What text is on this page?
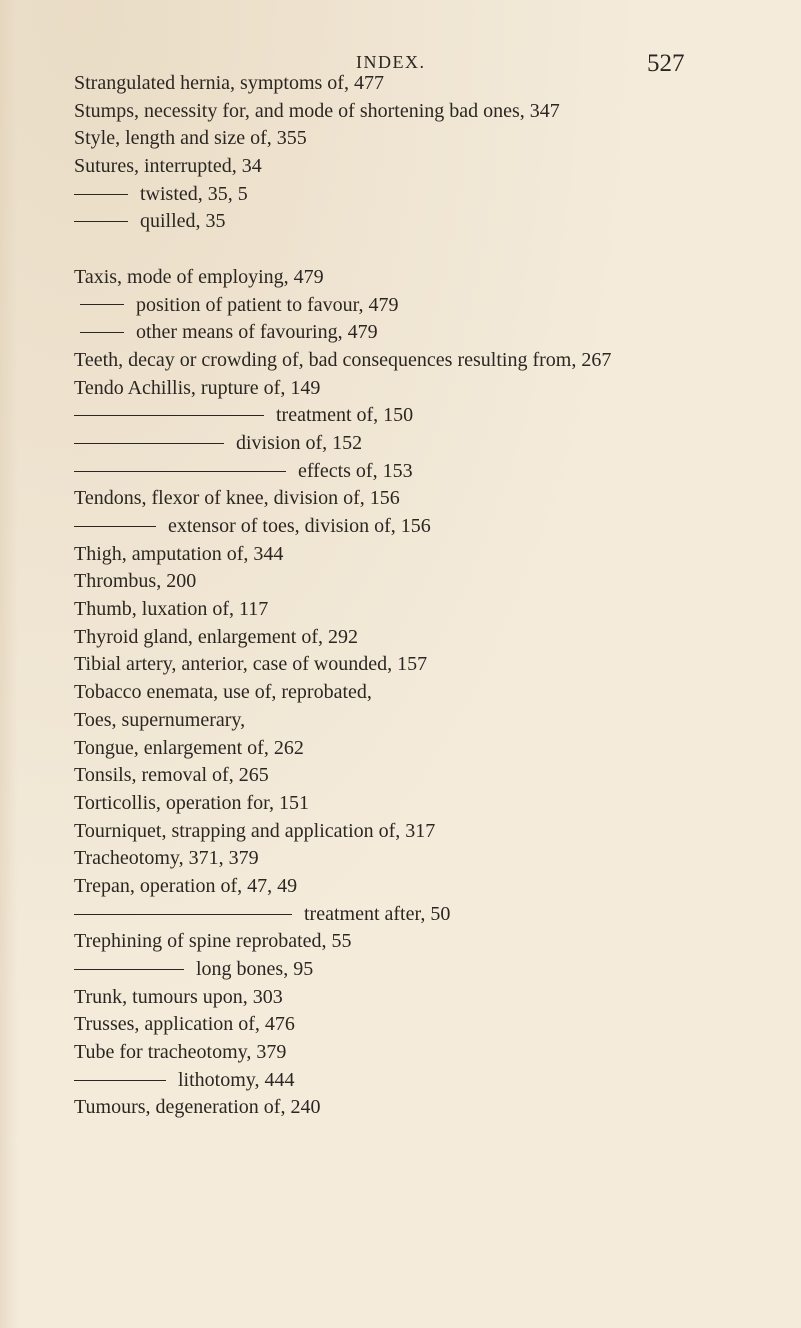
INDEX.	527
Strangulated hernia, symptoms of, 477
Stumps, necessity for, and mode of shortening bad ones, 347
Style, length and size of, 355
Sutures, interrupted, 34
twisted, 35, 5
quilled, 35
Taxis, mode of employing, 479
position of patient to favour, 479
other means of favouring, 479
Teeth, decay or crowding of, bad consequences resulting from, 267
Tendo Achillis, rupture of, 149
treatment of, 150
division of, 152
effects of, 153
Tendons, flexor of knee, division of, 156
extensor of toes, division of, 156
Thigh, amputation of, 344
Thrombus, 200
Thumb, luxation of, 117
Thyroid gland, enlargement of, 292
Tibial artery, anterior, case of wounded, 157
Tobacco enemata, use of, reprobated,
Toes, supernumerary,
Tongue, enlargement of, 262
Tonsils, removal of, 265
Torticollis, operation for, 151
Tourniquet, strapping and application of, 317
Tracheotomy, 371, 379
Trepan, operation of, 47, 49
treatment after, 50
Trephining of spine reprobated, 55
long bones, 95
Trunk, tumours upon, 303
Trusses, application of, 476
Tube for tracheotomy, 379
lithotomy, 444
Tumours, degeneration of, 240
